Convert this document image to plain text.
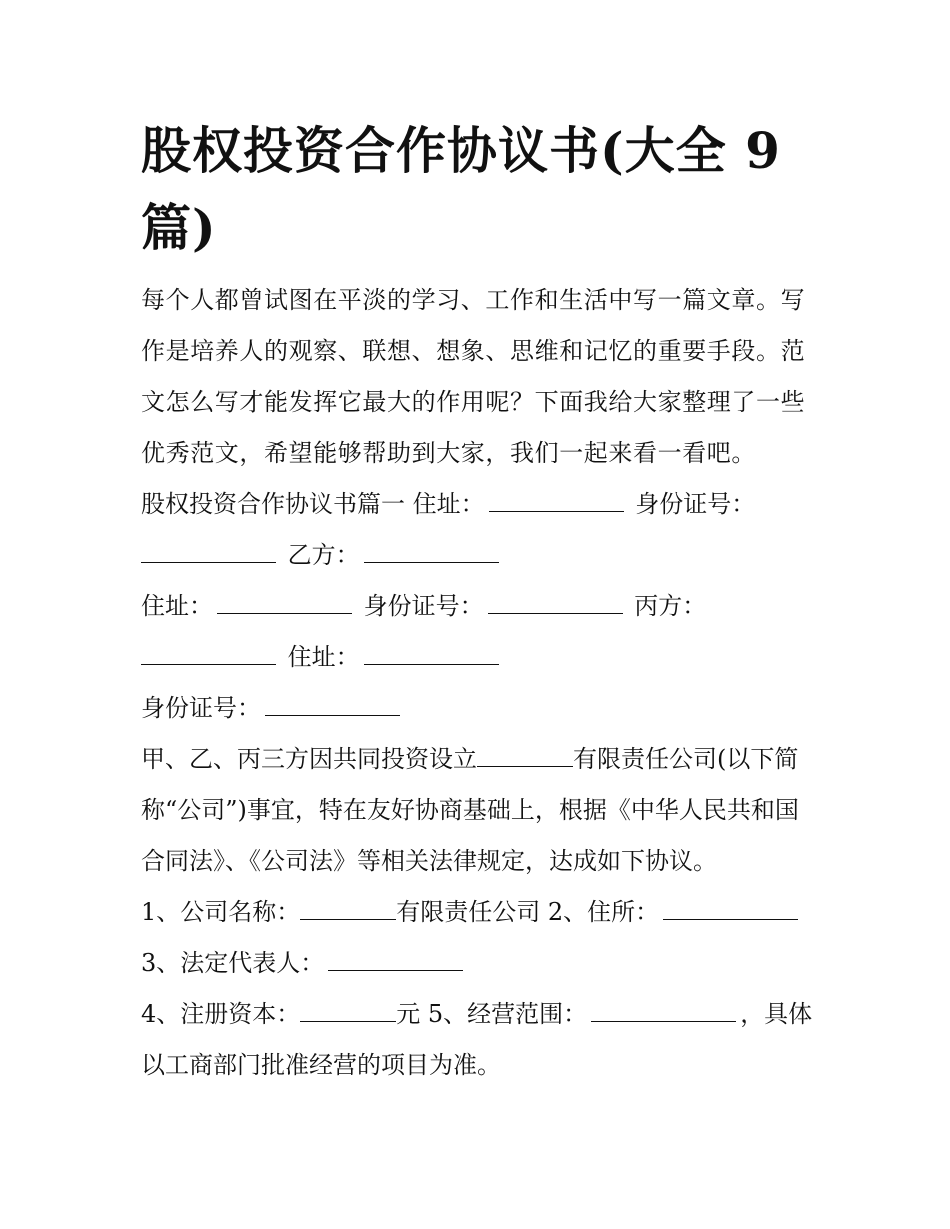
股权投资合作协议书(大全 9 篇)

每个人都曾试图在平淡的学习、工作和生活中写一篇文章。写作是培养人的观察、联想、想象、思维和记忆的重要手段。范文怎么写才能发挥它最大的作用呢？下面我给大家整理了一些优秀范文，希望能够帮助到大家，我们一起来看一看吧。

股权投资合作协议书篇一 住址：	身份证号：

乙方：

住址：	身份证号：	丙方：

住址：

身份证号：

甲、乙、丙三方因共同投资设立	有限责任公司(以下简称“公司”)事宜，特在友好协商基础上，根据《中华人民共和国合同法》、《公司法》等相关法律规定，达成如下协议。

1、公司名称：	有限责任公司 2、住所：

3、法定代表人：

4、注册资本：	元 5、经营范围：	，具体以工商部门批准经营的项目为准。
